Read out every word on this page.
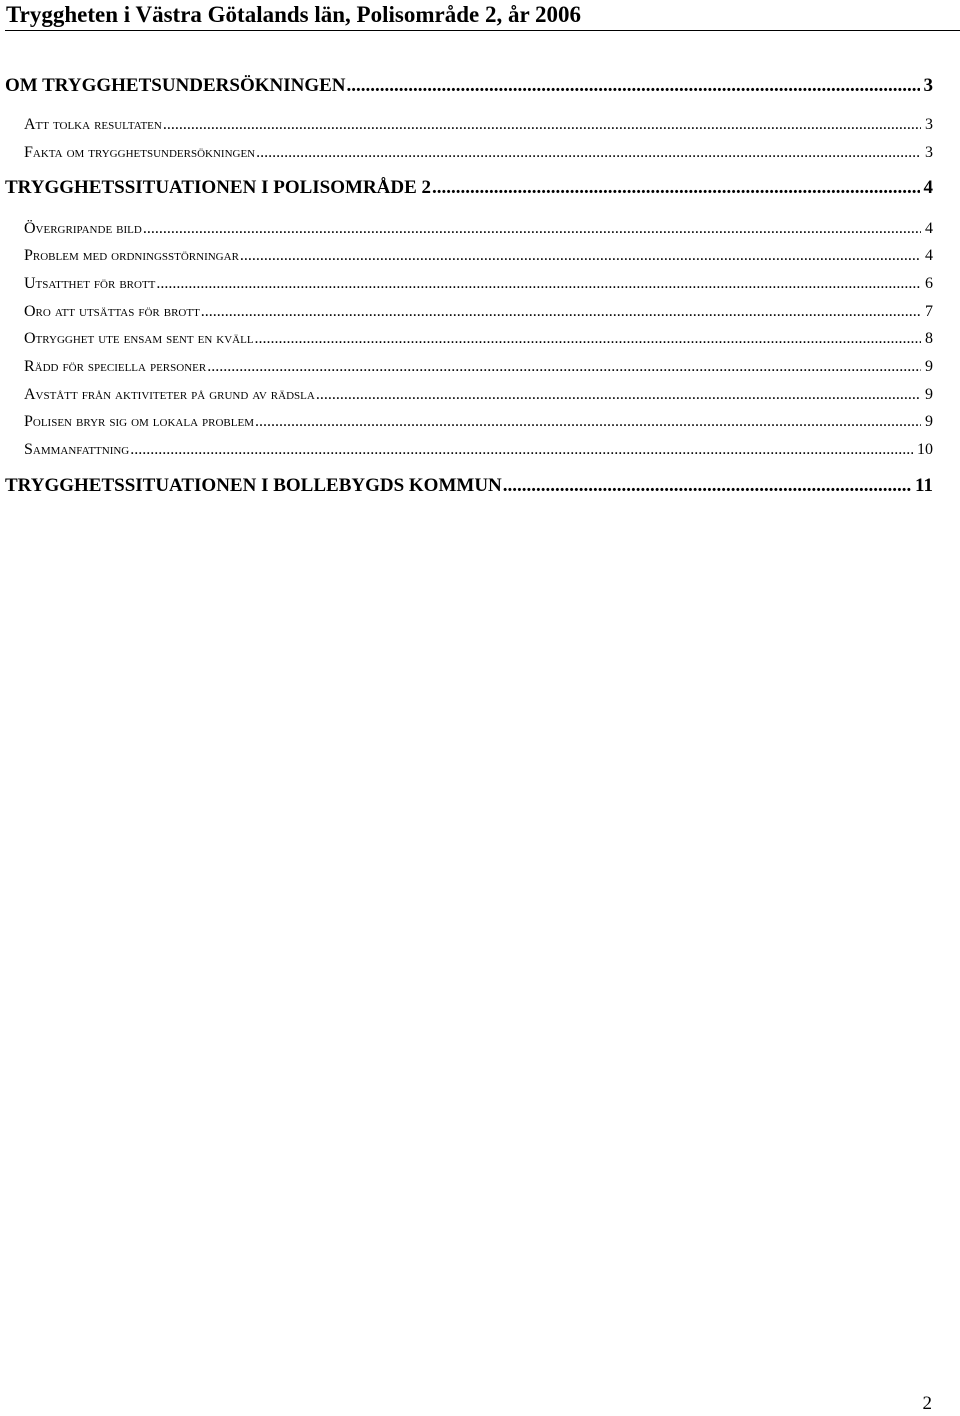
Tryggheten i Västra Götalands län, Polisområde 2, år 2006
OM TRYGGHETSUNDERSÖKNINGEN .....	3
Att tolka resultaten .....	3
Fakta om trygghetsundersökningen .....	3
TRYGGHETSSITUATIONEN I POLISOMRÅDE 2 .....	4
Övergripande bild .....	4
Problem med ordningsstörningar .....	4
Utsatthet för brott .....	6
Oro att utsättas för brott .....	7
Otrygghet ute ensam sent en kväll .....	8
Rädd för speciella personer .....	9
Avstått från aktiviteter på grund av rädsla .....	9
Polisen bryr sig om lokala problem .....	9
Sammanfattning .....	10
TRYGGHETSSITUATIONEN I BOLLEBYGDS KOMMUN .....	11
2
